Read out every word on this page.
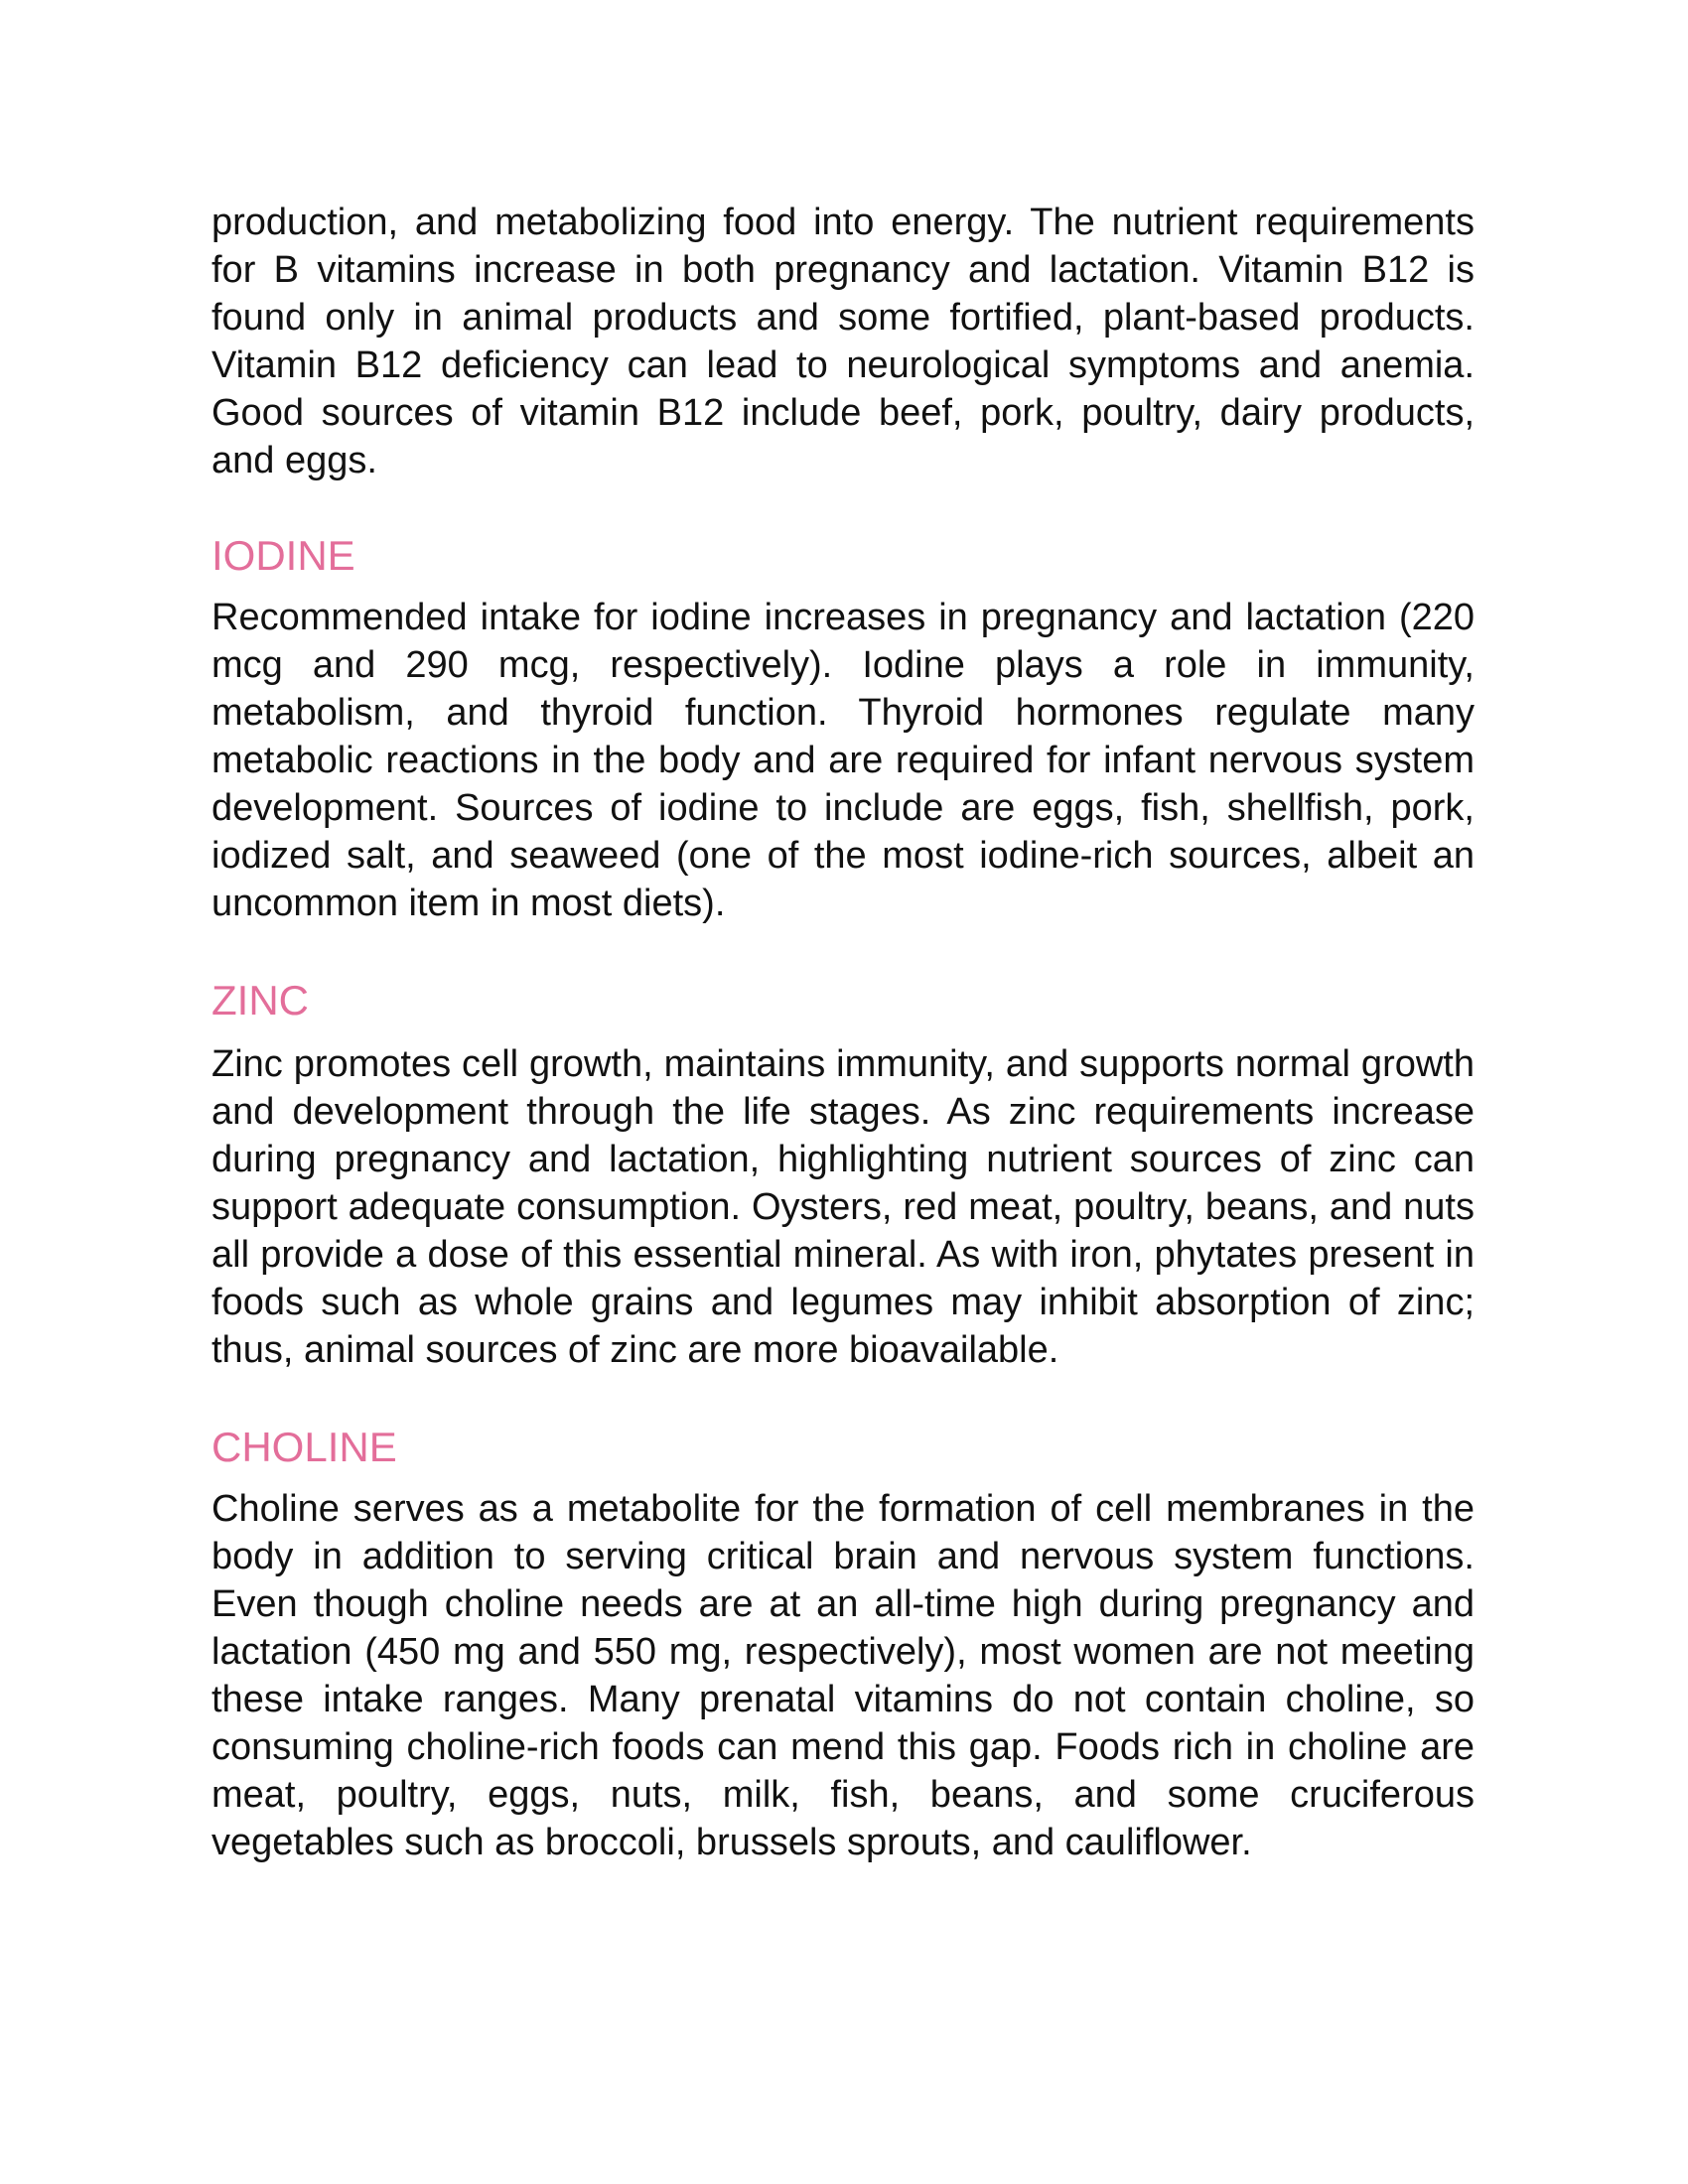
production, and metabolizing food into energy. The nutrient requirements for B vitamins increase in both pregnancy and lactation. Vitamin B12 is found only in animal products and some fortified, plant-based products. Vitamin B12 deficiency can lead to neurological symptoms and anemia. Good sources of vitamin B12 include beef, pork, poultry, dairy products, and eggs.

IODINE

Recommended intake for iodine increases in pregnancy and lactation (220 mcg and 290 mcg, respectively). Iodine plays a role in immunity, metabolism, and thyroid function. Thyroid hormones regulate many metabolic reactions in the body and are required for infant nervous system development. Sources of iodine to include are eggs, fish, shellfish, pork, iodized salt, and seaweed (one of the most iodine-rich sources, albeit an uncommon item in most diets).

ZINC

Zinc promotes cell growth, maintains immunity, and supports normal growth and development through the life stages. As zinc requirements increase during pregnancy and lactation, highlighting nutrient sources of zinc can support adequate consumption. Oysters, red meat, poultry, beans, and nuts all provide a dose of this essential mineral. As with iron, phytates present in foods such as whole grains and legumes may inhibit absorption of zinc; thus, animal sources of zinc are more bioavailable.

CHOLINE

Choline serves as a metabolite for the formation of cell membranes in the body in addition to serving critical brain and nervous system functions. Even though choline needs are at an all-time high during pregnancy and lactation (450 mg and 550 mg, respectively), most women are not meeting these intake ranges. Many prenatal vitamins do not contain choline, so consuming choline-rich foods can mend this gap. Foods rich in choline are meat, poultry, eggs, nuts, milk, fish, beans, and some cruciferous vegetables such as broccoli, brussels sprouts, and cauliflower.
